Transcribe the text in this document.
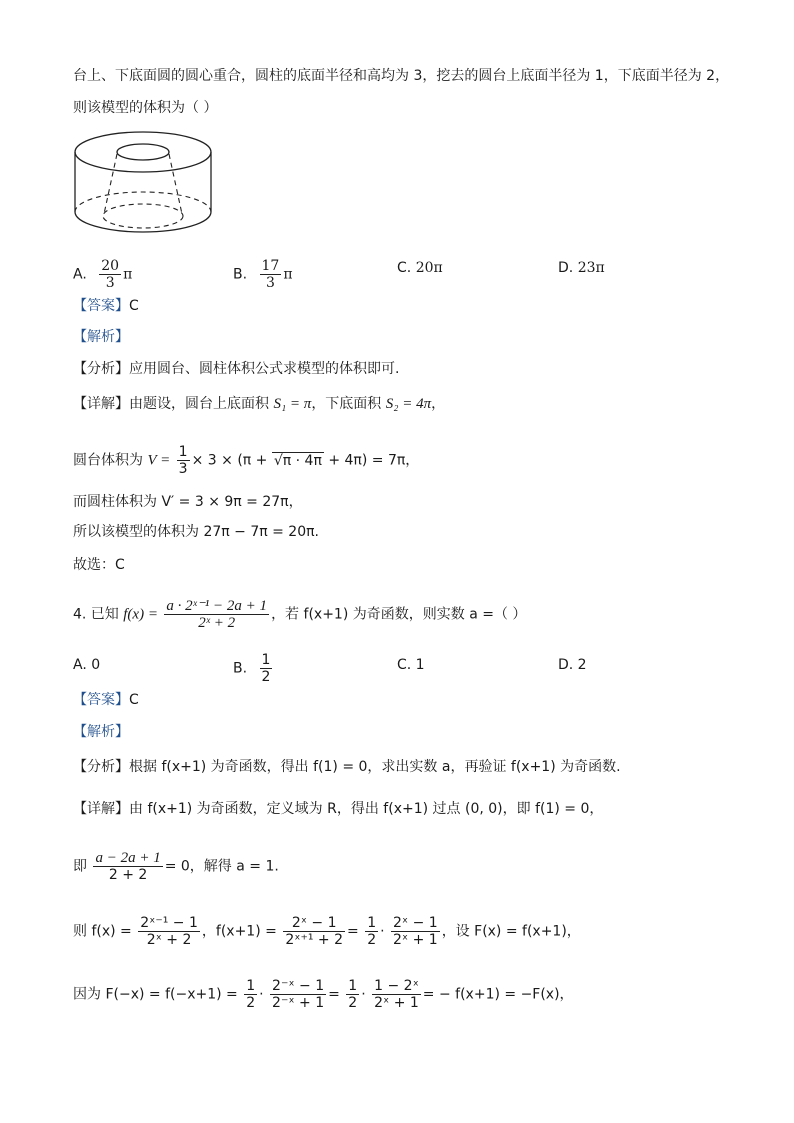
台上、下底面圆的圆心重合，圆柱的底面半径和高均为 3，挖去的圆台上底面半径为 1，下底面半径为 2，
则该模型的体积为（ ）
A. $\frac{20}{3}$ π	B. $\frac{17}{3}$ π	C. 20π	D. 23π
【答案】C
【解析】
【分析】应用圆台、圆柱体积公式求模型的体积即可.
【详解】由题设，圆台上底面积 S₁ = π，下底面积 S₂ = 4π，
圆台体积为 $V = \frac{1}{3} \times 3 \times (\pi + √\pi \cdot 4\pi + 4\pi) = 7\pi$，
而圆柱体积为 V′ = 3 × 9π = 27π，
所以该模型的体积为 27π − 7π = 20π.
故选：C
4. 已知 $f(x) = \frac{\text{a · 2ˣ⁻¹ − 2a + 1}}{\text{2ˣ + 2}}$ ，若 f(x+1) 为奇函数，则实数 a =（ ）
A. 0	B. $\frac{1}{2}$	C. 1	D. 2
【答案】C
【解析】
【分析】根据 f(x+1) 为奇函数，得出 f(1) = 0，求出实数 a，再验证 f(x+1) 为奇函数.
【详解】由 f(x+1) 为奇函数，定义域为 R，得出 f(x+1) 过点 (0, 0)，即 f(1) = 0，
即 $\frac{a - 2a + 1}{2 + 2} = 0$，解得 a = 1.
则 $f(x) = \frac{\text{2ˣ⁻¹ − 1}}{\text{2ˣ + 2}}$ ，$f(x+1) = \frac{\text{2ˣ − 1}}{\text{2ˣ⁺¹ + 2}} = \frac{1}{2} \cdot \frac{\text{2ˣ − 1}}{\text{2ˣ + 1}}$ ，设 F(x) = f(x+1)，
因为 $F(-x) = f(-x+1) = \frac{1}{2} \cdot \frac{\text{2⁻ˣ − 1}}{\text{2⁻ˣ + 1}} = \frac{1}{2} \cdot \frac{\text{1 − 2ˣ}}{\text{2ˣ + 1}}$ = − f(x+1) = −F(x)，
